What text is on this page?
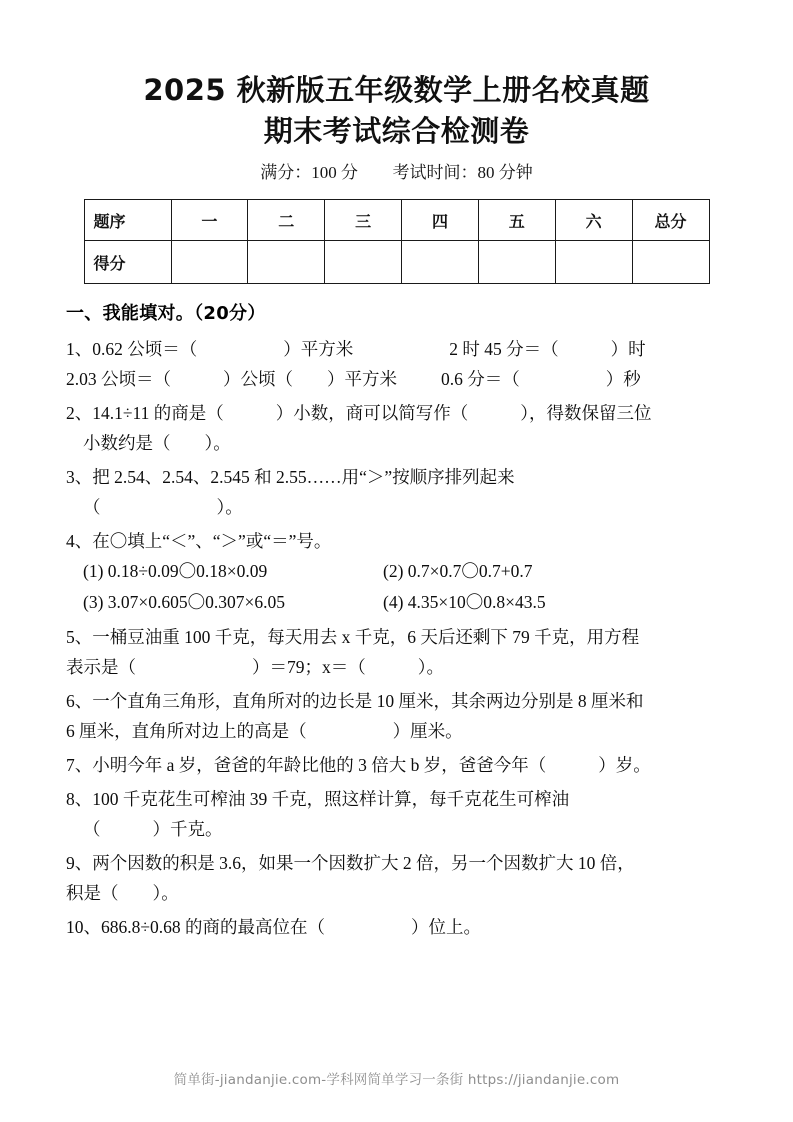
2025 秋新版五年级数学上册名校真题
期末考试综合检测卷
满分：100 分 考试时间：80 分钟
题序	一	二	三	四	五	六	总分
得分							
一、我能填对。（20分）
1、0.62 公顷＝（	）平方米	2 时 45 分＝（	）时
2.03 公顷＝（	）公顷（ ）平方米	0.6 分＝（	）秒
2、14.1÷11 的商是（	）小数，商可以简写作（	），得数保留三位
小数约是（ ）。
3、把 2.54、2.54、2.545 和 2.55……用“＞”按顺序排列起来
（	）。
4、在〇填上“＜”、“＞”或“＝”号。
(1) 0.18÷0.09〇0.18×0.09	(2) 0.7×0.7〇0.7+0.7
(3) 3.07×0.605〇0.307×6.05	(4) 4.35×10〇0.8×43.5
5、一桶豆油重 100 千克，每天用去 x 千克，6 天后还剩下 79 千克，用方程
表示是（	）＝79；x＝（	）。
6、一个直角三角形，直角所对的边长是 10 厘米，其余两边分别是 8 厘米和
6 厘米，直角所对边上的高是（	）厘米。
7、小明今年 a 岁，爸爸的年龄比他的 3 倍大 b 岁，爸爸今年（	）岁。
8、100 千克花生可榨油 39 千克，照这样计算，每千克花生可榨油
（	）千克。
9、两个因数的积是 3.6，如果一个因数扩大 2 倍，另一个因数扩大 10 倍，
积是（ ）。
10、686.8÷0.68 的商的最高位在（	）位上。
简单街-jiandanjie.com-学科网简单学习一条街 https://jiandanjie.com
